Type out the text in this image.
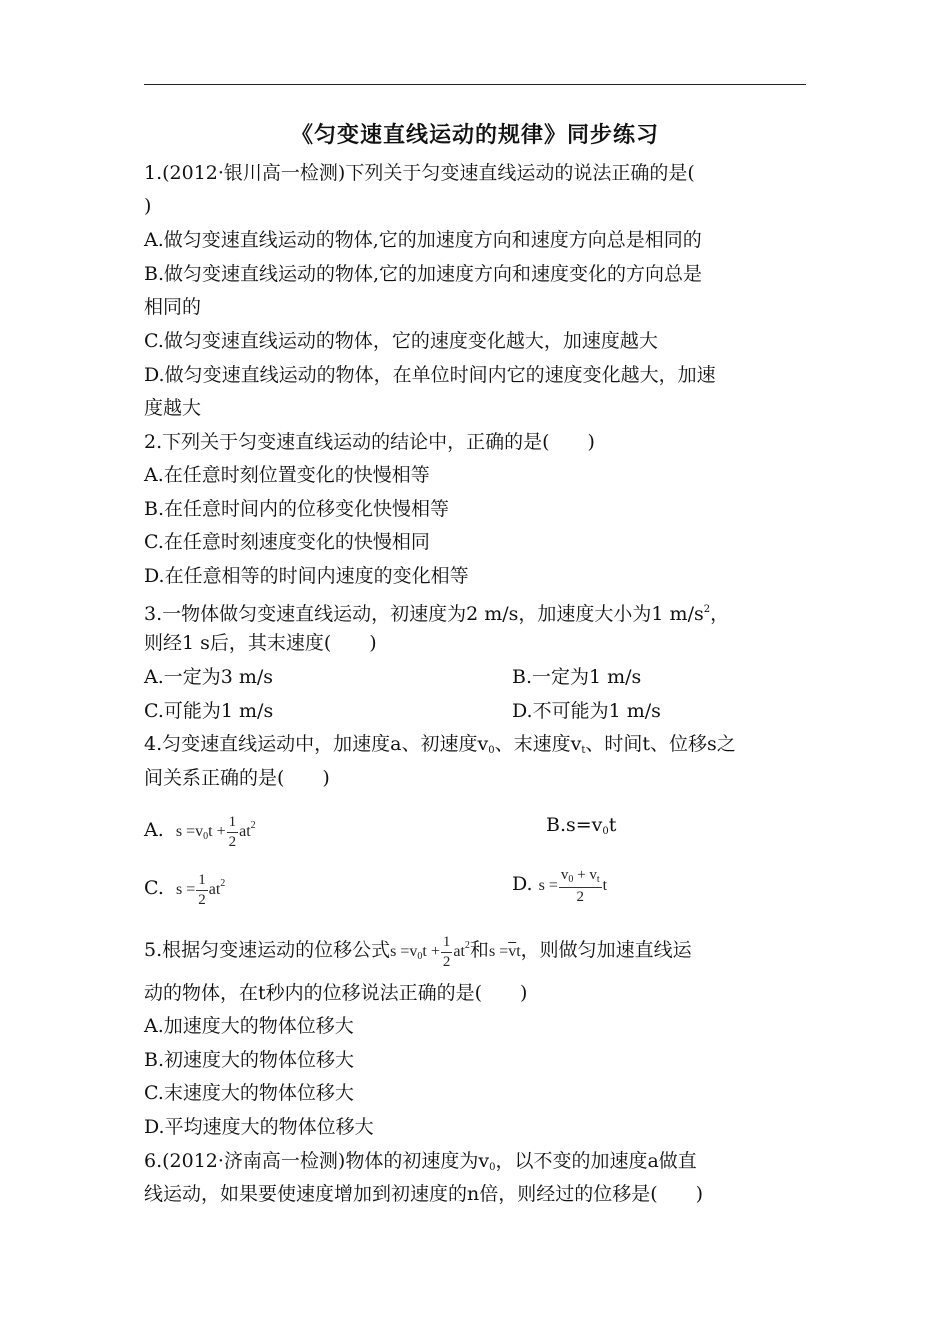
《匀变速直线运动的规律》同步练习
1.(2012·银川高一检测)下列关于匀变速直线运动的说法正确的是(
)
A.做匀变速直线运动的物体,它的加速度方向和速度方向总是相同的
B.做匀变速直线运动的物体,它的加速度方向和速度变化的方向总是
相同的
C.做匀变速直线运动的物体，它的速度变化越大，加速度越大
D.做匀变速直线运动的物体，在单位时间内它的速度变化越大，加速
度越大
2.下列关于匀变速直线运动的结论中，正确的是(　　)
A.在任意时刻位置变化的快慢相等
B.在任意时间内的位移变化快慢相等
C.在任意时刻速度变化的快慢相同
D.在任意相等的时间内速度的变化相等
3.一物体做匀变速直线运动，初速度为2 m/s，加速度大小为1 $m/s^2$，
则经1 s后，其末速度(　　)
A.一定为3 m/s	B.一定为1 m/s
C.可能为1 m/s	D.不可能为1 m/s
4.匀变速直线运动中，加速度a、初速度$v_0$、末速度$v_t$、时间t、位移s之
间关系正确的是(　　)
A. $s =v_0t + \frac{1}{2} at^2$	$B.s=v_0t$
C. $s = \frac{1}{2} at^2$	D. $s = \frac{v_0 + v_t}{2}$ t
5.根据匀变速运动的位移公式$s =v_0t + \frac{1}{2} at^2$和$s =\overline{v}t$，则做匀加速直线运
动的物体，在t秒内的位移说法正确的是(　　)
A.加速度大的物体位移大
B.初速度大的物体位移大
C.末速度大的物体位移大
D.平均速度大的物体位移大
6.(2012·济南高一检测)物体的初速度为$v_0$，以不变的加速度a做直
线运动，如果要使速度增加到初速度的n倍，则经过的位移是(　　)
